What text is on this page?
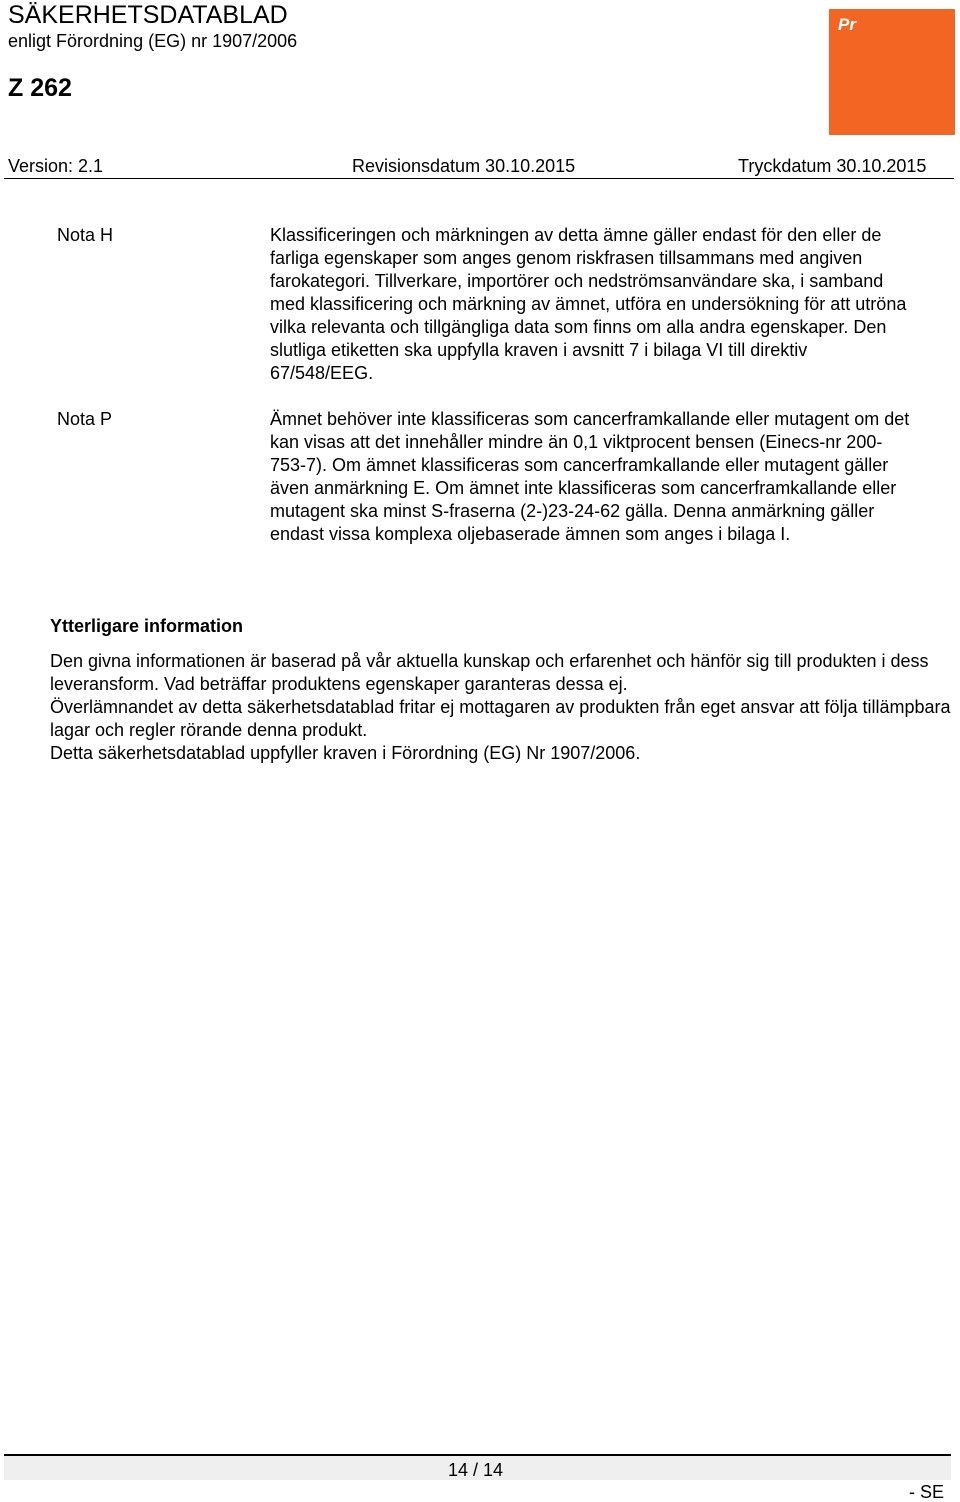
SÄKERHETSDATABLAD
enligt Förordning (EG) nr 1907/2006
Z 262
Pr
Version: 2.1	Revisionsdatum 30.10.2015	Tryckdatum 30.10.2015
Nota H	Klassificeringen och märkningen av detta ämne gäller endast för den eller de farliga egenskaper som anges genom riskfrasen tillsammans med angiven farokategori. Tillverkare, importörer och nedströmsanvändare ska, i samband med klassificering och märkning av ämnet, utföra en undersökning för att utröna vilka relevanta och tillgängliga data som finns om alla andra egenskaper. Den slutliga etiketten ska uppfylla kraven i avsnitt 7 i bilaga VI till direktiv 67/548/EEG.
Nota P	Ämnet behöver inte klassificeras som cancerframkallande eller mutagent om det kan visas att det innehåller mindre än 0,1 viktprocent bensen (Einecs-nr 200-753-7). Om ämnet klassificeras som cancerframkallande eller mutagent gäller även anmärkning E. Om ämnet inte klassificeras som cancerframkallande eller mutagent ska minst S-fraserna (2-)23-24-62 gälla. Denna anmärkning gäller endast vissa komplexa oljebaserade ämnen som anges i bilaga I.
Ytterligare information
Den givna informationen är baserad på vår aktuella kunskap och erfarenhet och hänför sig till produkten i dess leveransform. Vad beträffar produktens egenskaper garanteras dessa ej.
Överlämnandet av detta säkerhetsdatablad fritar ej mottagaren av produkten från eget ansvar att följa tillämpbara lagar och regler rörande denna produkt.
Detta säkerhetsdatablad uppfyller kraven i Förordning (EG) Nr 1907/2006.
14 / 14
- SE
